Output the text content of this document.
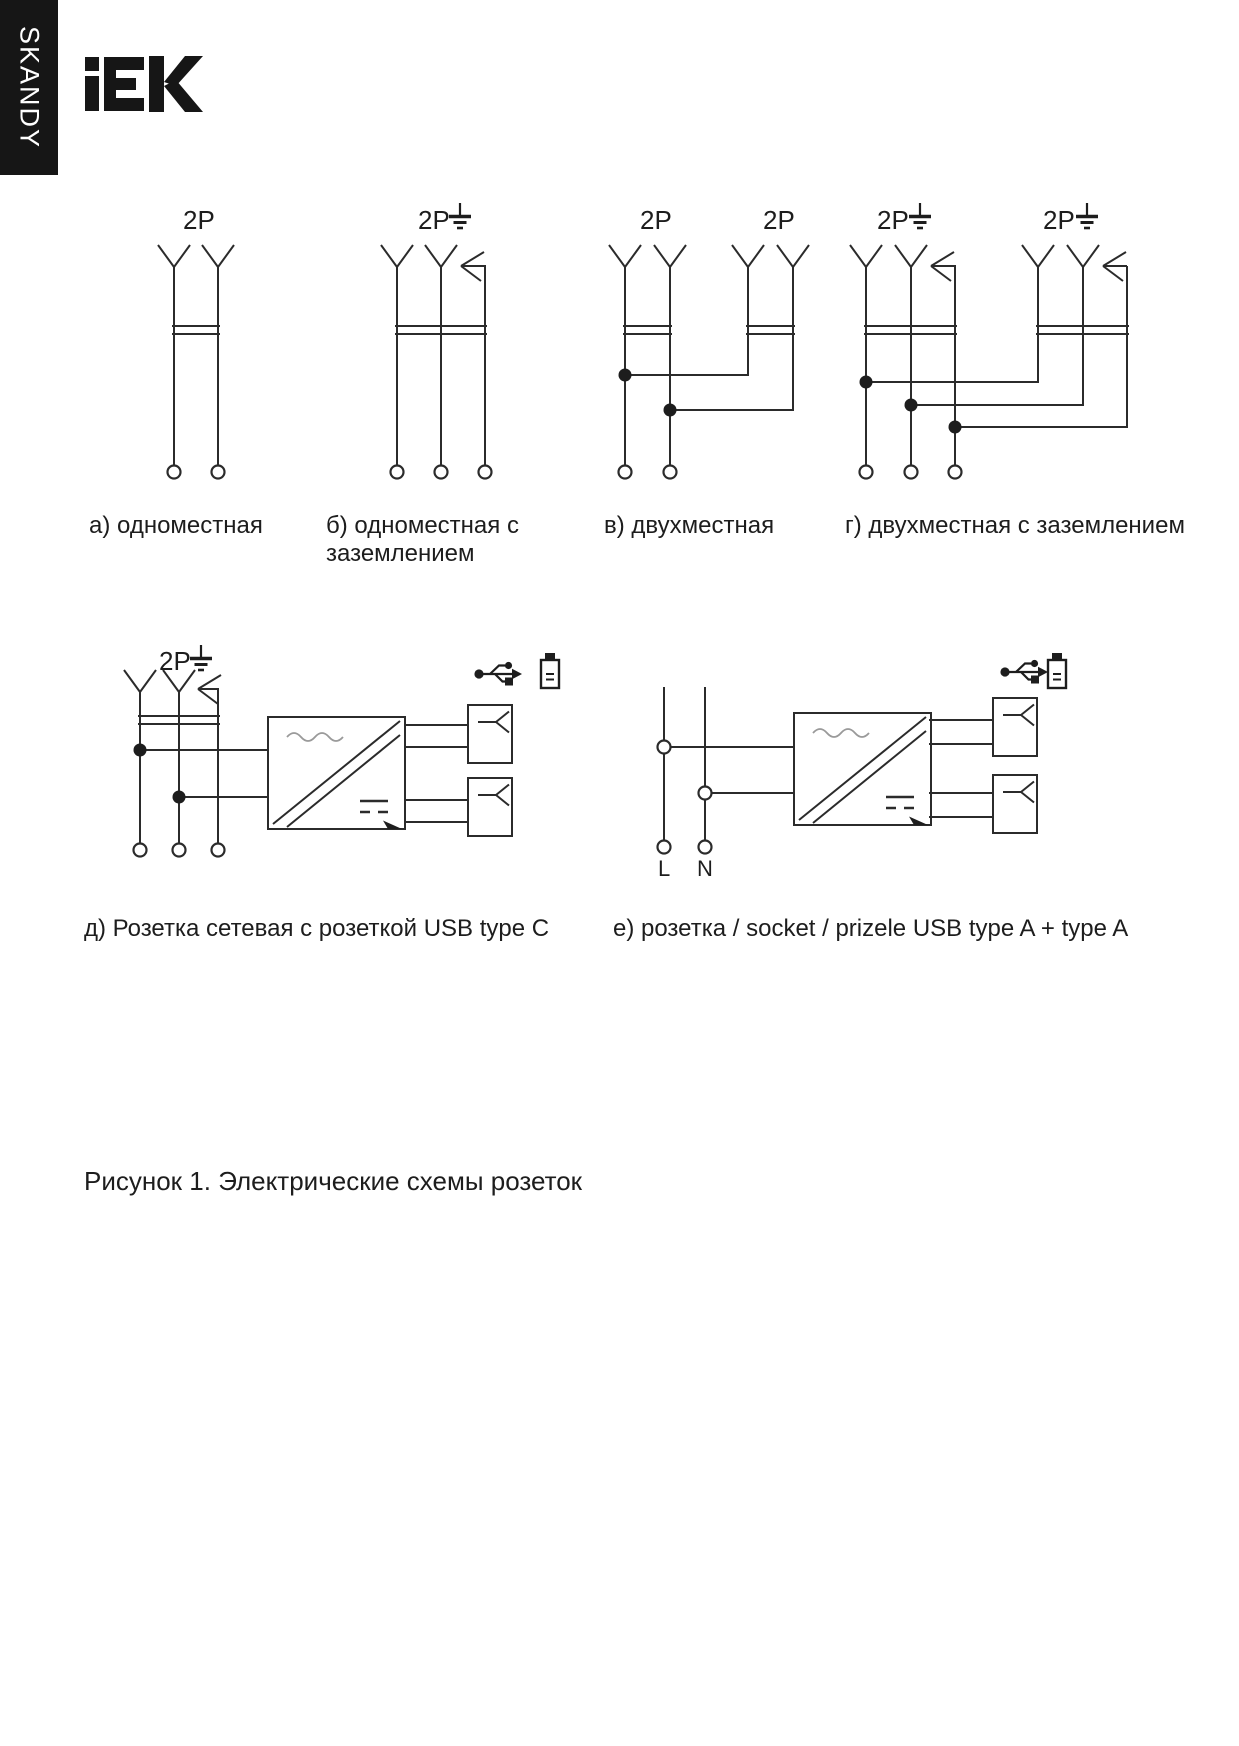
SKANDY
2P	2P	2P	2P	2P	2P
2P
а) одноместная	б) одноместная с
заземлением
в) двухместная	г) двухместная с заземлением
д) Розетка сетевая с розеткой USB type C	е) розетка / socket / prizele USB type A + type A
L N
Рисунок 1. Электрические схемы розеток
